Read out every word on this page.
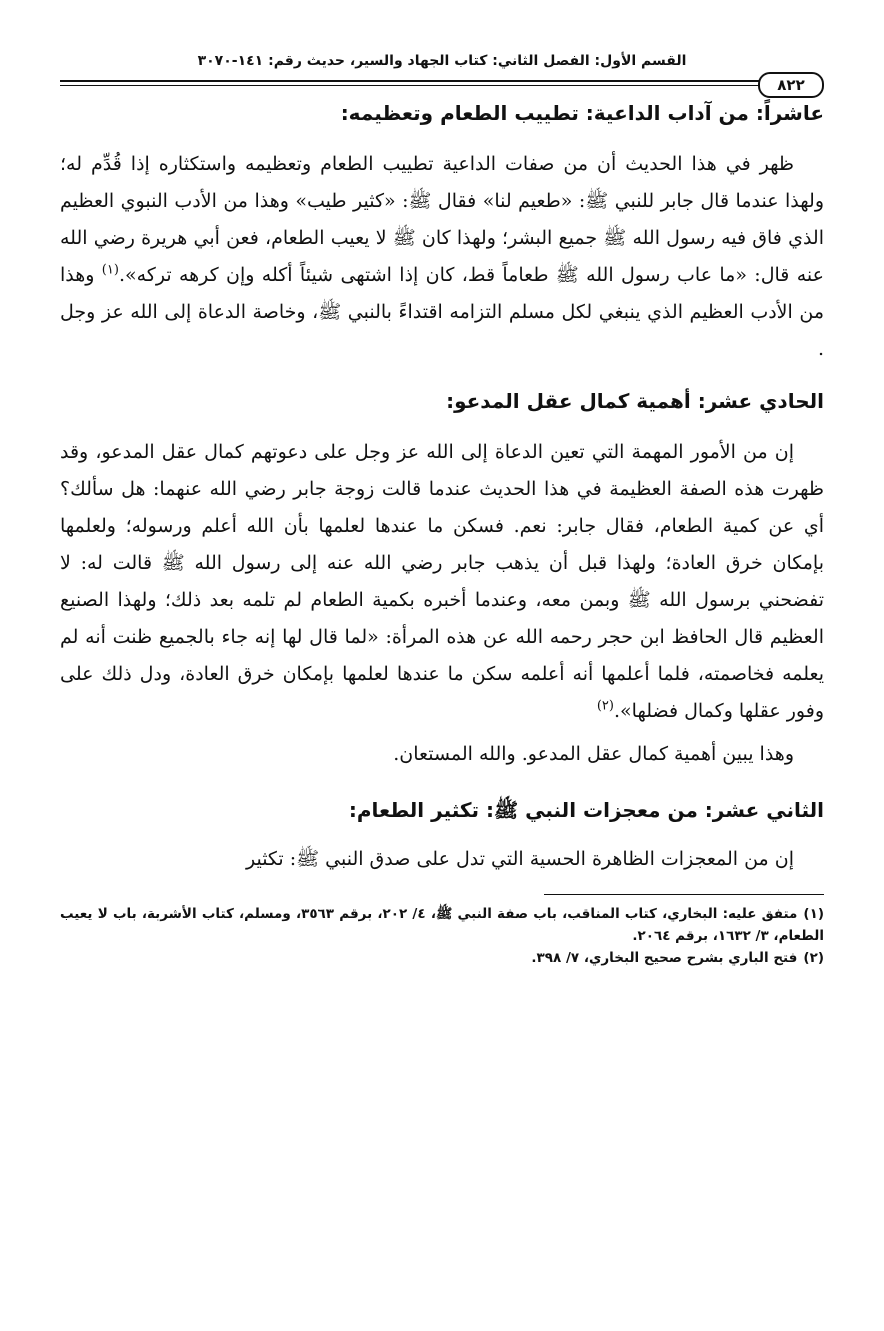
القسم الأول: الفصل الثاني: كتاب الجهاد والسير، حديث رقم: ١٤١-٣٠٧٠
٨٢٢
عاشراً: من آداب الداعية: تطييب الطعام وتعظيمه:

ظهر في هذا الحديث أن من صفات الداعية تطييب الطعام وتعظيمه واستكثاره إذا قُدِّم له؛ ولهذا عندما قال جابر للنبي ﷺ: «طعيم لنا» فقال ﷺ: «كثير طيب» وهذا من الأدب النبوي العظيم الذي فاق فيه رسول الله ﷺ جميع البشر؛ ولهذا كان ﷺ لا يعيب الطعام، فعن أبي هريرة رضي الله عنه قال: «ما عاب رسول الله ﷺ طعاماً قط، كان إذا اشتهى شيئاً أكله وإن كرهه تركه».$^{(١)}$ وهذا من الأدب العظيم الذي ينبغي لكل مسلم التزامه اقتداءً بالنبي ﷺ، وخاصة الدعاة إلى الله عز وجل .

الحادي عشر: أهمية كمال عقل المدعو:

إن من الأمور المهمة التي تعين الدعاة إلى الله عز وجل على دعوتهم كمال عقل المدعو، وقد ظهرت هذه الصفة العظيمة في هذا الحديث عندما قالت زوجة جابر رضي الله عنهما: هل سألك؟ أي عن كمية الطعام، فقال جابر: نعم. فسكن ما عندها لعلمها بأن الله أعلم ورسوله؛ ولعلمها بإمكان خرق العادة؛ ولهذا قبل أن يذهب جابر رضي الله عنه إلى رسول الله ﷺ قالت له: لا تفضحني برسول الله ﷺ وبمن معه، وعندما أخبره بكمية الطعام لم تلمه بعد ذلك؛ ولهذا الصنيع العظيم قال الحافظ ابن حجر رحمه الله عن هذه المرأة: «لما قال لها إنه جاء بالجميع ظنت أنه لم يعلمه فخاصمته، فلما أعلمها أنه أعلمه سكن ما عندها لعلمها بإمكان خرق العادة، ودل ذلك على وفور عقلها وكمال فضلها».$^{(٢)}$

وهذا يبين أهمية كمال عقل المدعو. والله المستعان.

الثاني عشر: من معجزات النبي ﷺ: تكثير الطعام:

إن من المعجزات الظاهرة الحسية التي تدل على صدق النبي ﷺ: تكثير

(١)متفق عليه: البخاري، كتاب المناقب، باب صفة النبي ﷺ، ٤/ ٢٠٢، برقم ٣٥٦٣، ومسلم، كتاب الأشربة، باب لا يعيب الطعام، ٣/ ١٦٣٢، برقم ٢٠٦٤.

(٢)فتح الباري بشرح صحيح البخاري، ٧/ ٣٩٨.
